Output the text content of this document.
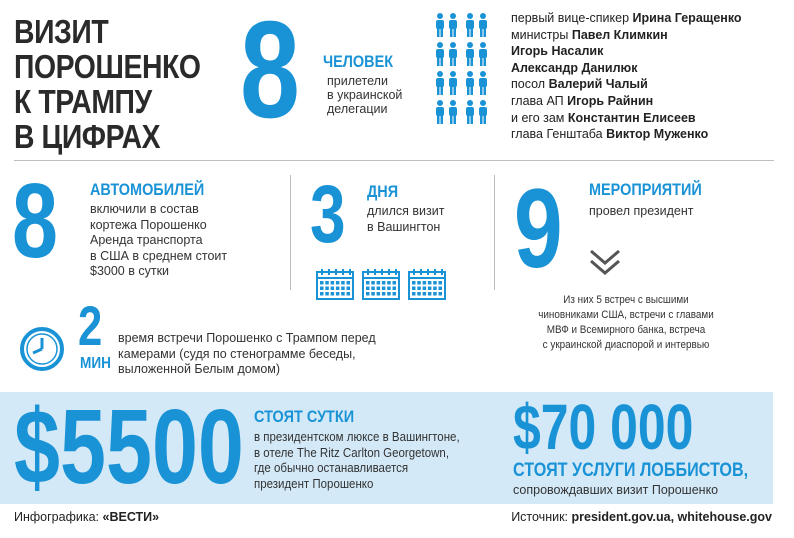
ВИЗИТ
ПОРОШЕНКО
К ТРАМПУ
В ЦИФРАХ 8 ЧЕЛОВЕК
прилетели
в украинской
делегации
первый вице-спикер Ирина Геращенко
министры Павел Климкин
Игорь Насалик
Александр Данилюк
посол Валерий Чалый
глава АП Игорь Райнин
и его зам Константин Елисеев
глава Генштаба Виктор Муженко
8 АВТОМОБИЛЕЙ
включили в состав
кортежа Порошенко
Аренда транспорта
в США в среднем стоит
$3000 в сутки
3 ДНЯ
длился визит
в Вашингтон 9 МЕРОПРИЯТИЙ
провел президент
Из них 5 встреч с высшими
чиновниками США, встречи с главами
МВФ и Всемирного банка, встреча
с украинской диаспорой и интервью
2
МИН
время встречи Порошенко с Трампом перед
камерами (судя по стенограмме беседы,
выложенной Белым домом)
$5500 СТОЯТ СУТКИ
в президентском люксе в Вашингтоне,
в отеле The Ritz Carlton Georgetown,
где обычно останавливается
президент Порошенко
$70 000
СТОЯТ УСЛУГИ ЛОББИСТОВ,
сопровождавших визит Порошенко
Инфографика: «ВЕСТИ»	Источник: president.gov.ua, whitehouse.gov
